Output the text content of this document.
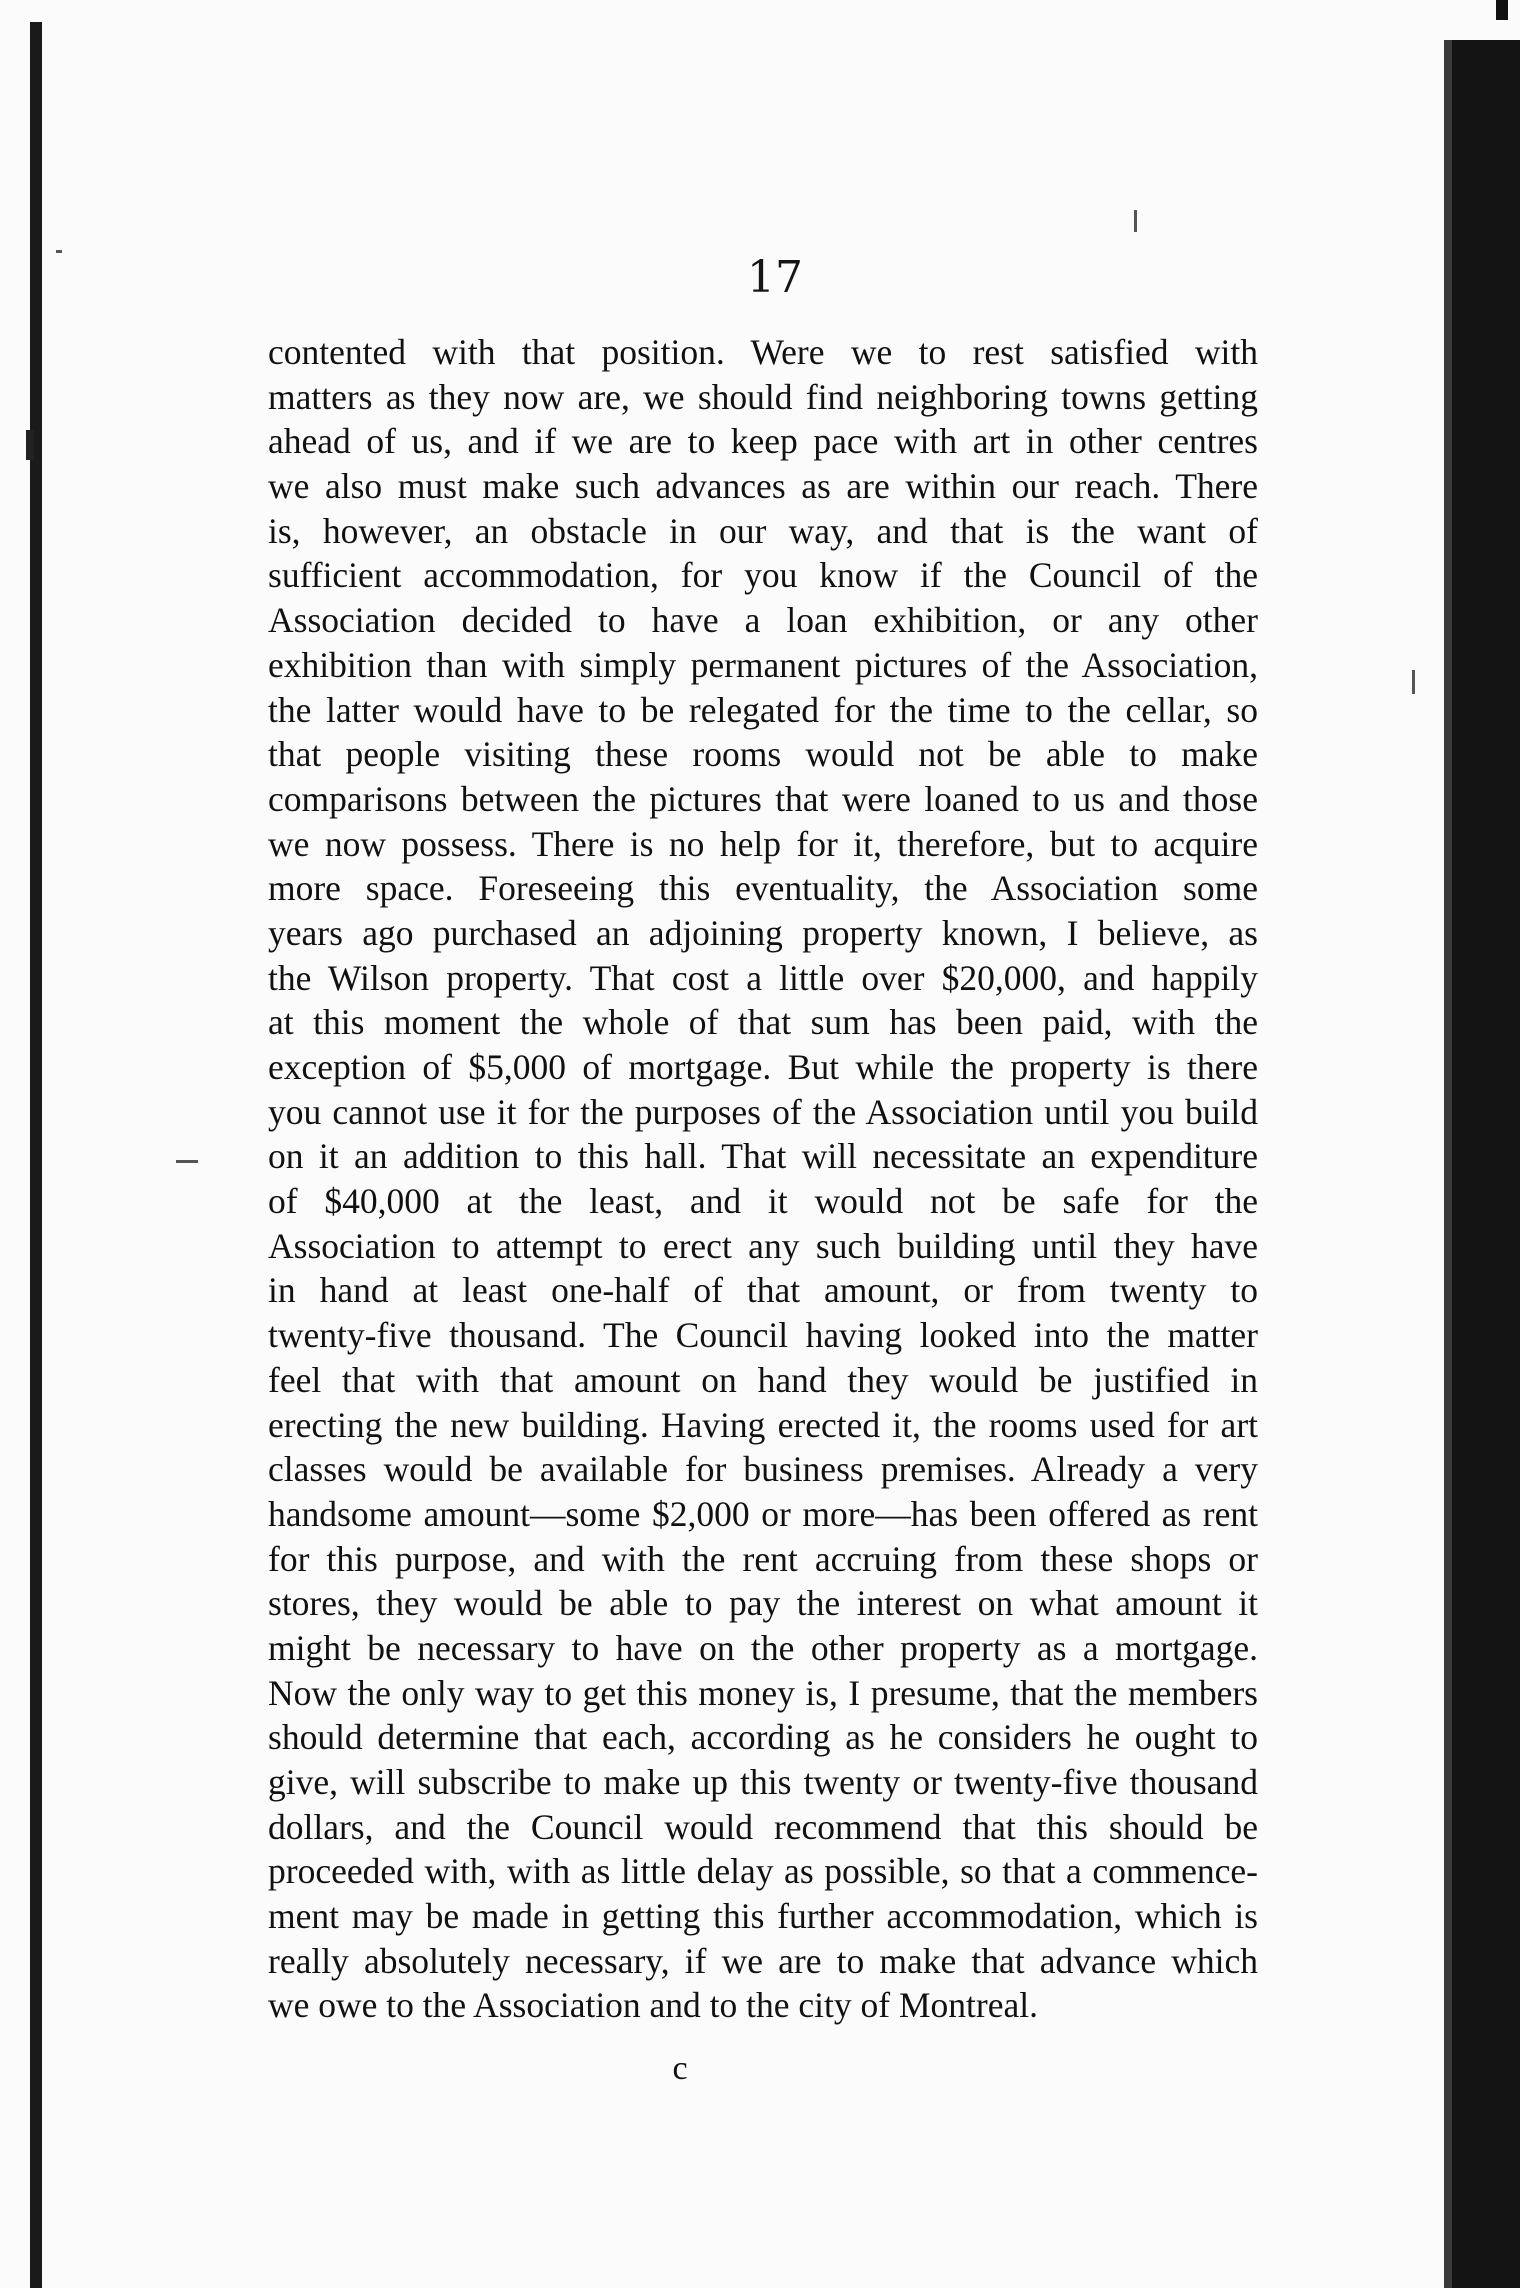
17
contented with that position. Were we to rest satisfied with
matters as they now are, we should find neighboring towns getting
ahead of us, and if we are to keep pace with art in other centres
we also must make such advances as are within our reach. There
is, however, an obstacle in our way, and that is the want of
sufficient accommodation, for you know if the Council of the
Association decided to have a loan exhibition, or any other
exhibition than with simply permanent pictures of the Association,
the latter would have to be relegated for the time to the cellar, so
that people visiting these rooms would not be able to make
comparisons between the pictures that were loaned to us and those
we now possess. There is no help for it, therefore, but to acquire
more space. Foreseeing this eventuality, the Association some
years ago purchased an adjoining property known, I believe, as
the Wilson property. That cost a little over $20,000, and happily
at this moment the whole of that sum has been paid, with the
exception of $5,000 of mortgage. But while the property is there
you cannot use it for the purposes of the Association until you build
on it an addition to this hall. That will necessitate an expenditure
of $40,000 at the least, and it would not be safe for the
Association to attempt to erect any such building until they have
in hand at least one-half of that amount, or from twenty to
twenty-five thousand. The Council having looked into the matter
feel that with that amount on hand they would be justified in
erecting the new building. Having erected it, the rooms used for art
classes would be available for business premises. Already a very
handsome amount—some $2,000 or more—has been offered as rent
for this purpose, and with the rent accruing from these shops or
stores, they would be able to pay the interest on what amount it
might be necessary to have on the other property as a mortgage.
Now the only way to get this money is, I presume, that the members
should determine that each, according as he considers he ought to
give, will subscribe to make up this twenty or twenty-five thousand
dollars, and the Council would recommend that this should be
proceeded with, with as little delay as possible, so that a commence-
ment may be made in getting this further accommodation, which is
really absolutely necessary, if we are to make that advance which
we owe to the Association and to the city of Montreal.
c
